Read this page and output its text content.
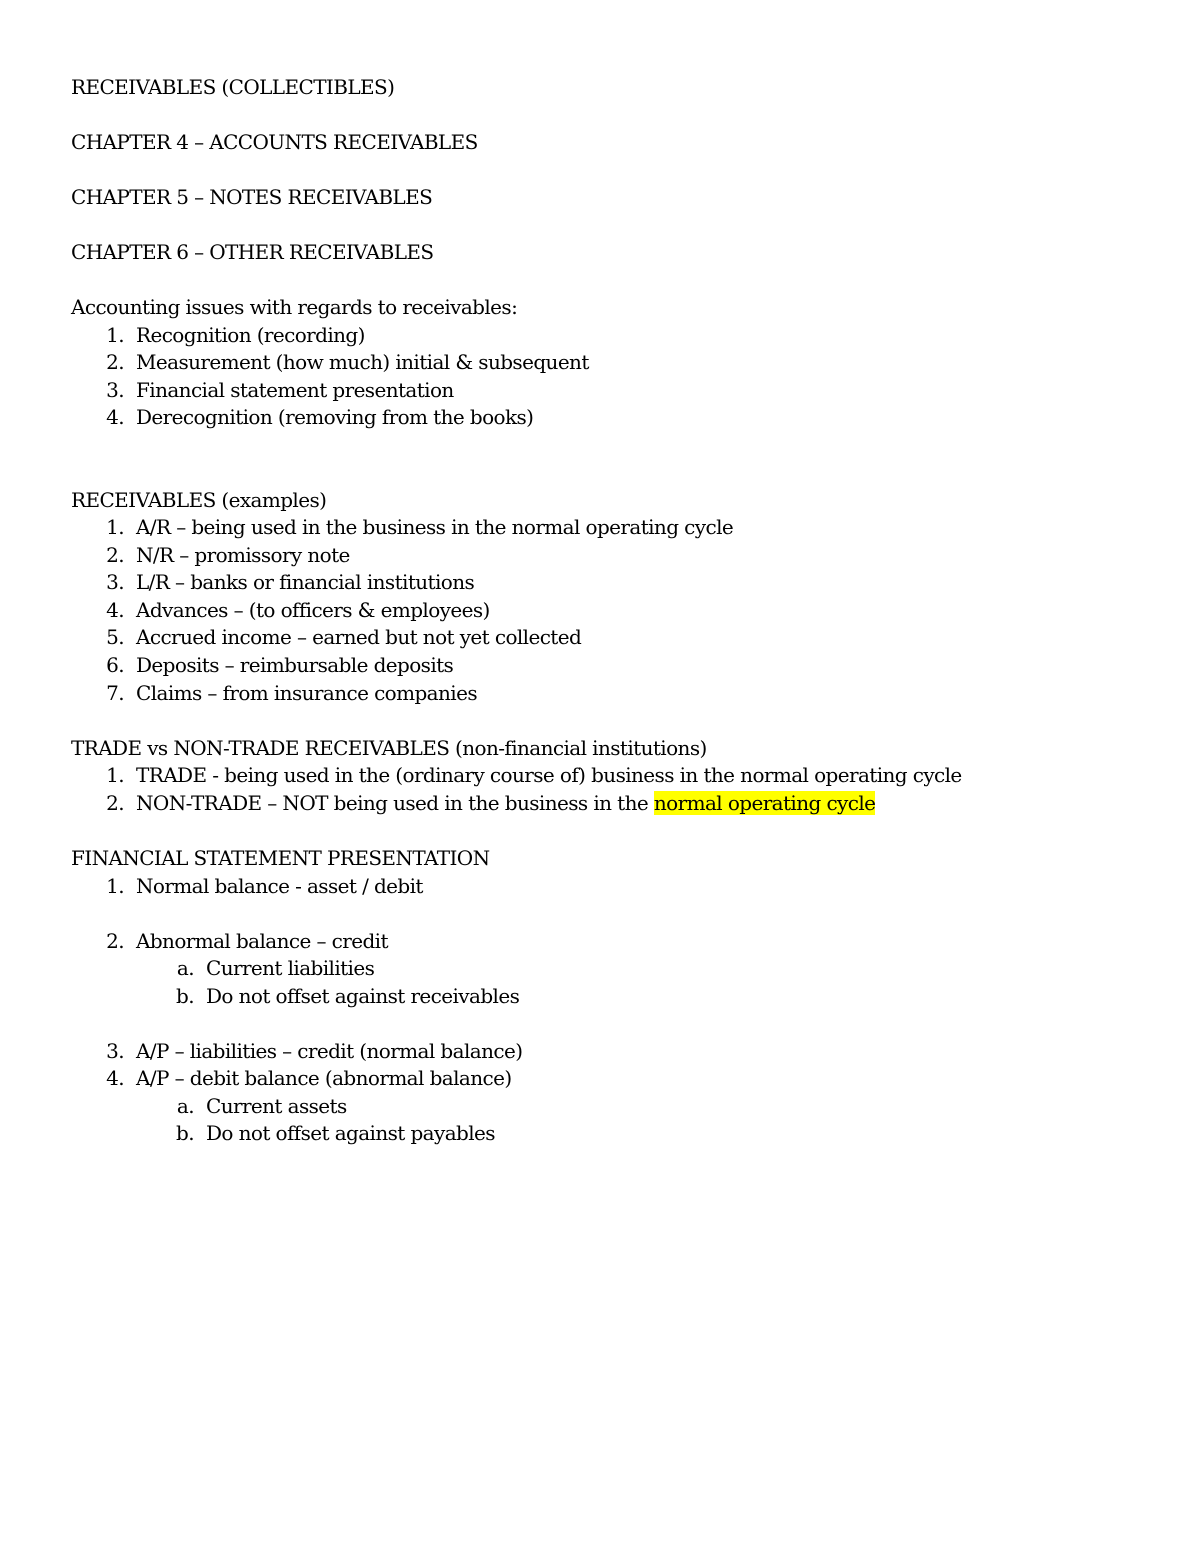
RECEIVABLES (COLLECTIBLES)
CHAPTER 4 – ACCOUNTS RECEIVABLES
CHAPTER 5 – NOTES RECEIVABLES
CHAPTER 6 – OTHER RECEIVABLES
Accounting issues with regards to receivables:
1. Recognition (recording)
2. Measurement (how much) initial & subsequent
3. Financial statement presentation
4. Derecognition (removing from the books)
RECEIVABLES (examples)
1. A/R – being used in the business in the normal operating cycle
2. N/R – promissory note
3. L/R – banks or financial institutions
4. Advances – (to officers & employees)
5. Accrued income – earned but not yet collected
6. Deposits – reimbursable deposits
7. Claims – from insurance companies
TRADE vs NON-TRADE RECEIVABLES (non-financial institutions)
1. TRADE - being used in the (ordinary course of) business in the normal operating cycle
2. NON-TRADE – NOT being used in the business in the normal operating cycle
FINANCIAL STATEMENT PRESENTATION
1. Normal balance - asset / debit
2. Abnormal balance – credit
a. Current liabilities
b. Do not offset against receivables
3. A/P – liabilities – credit (normal balance)
4. A/P – debit balance (abnormal balance)
a. Current assets
b. Do not offset against payables
